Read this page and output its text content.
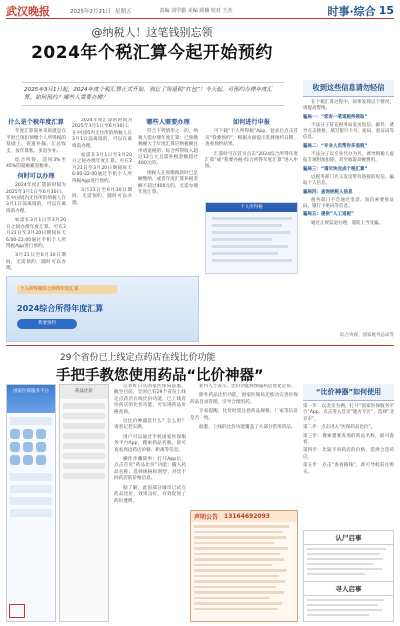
武汉晚报	2025年2月21日 星期五	责编 刘学勤 美编 邱楠 校对 王杰	时事·综合 15
@纳税人！这笔钱别忘领
2024年个税汇算今起开始预约
2025年3月1日起，2024年度个税汇算正式开始，别忘了领退税“红包”！今天起，可预约办理年度汇算。如何预约？哪些人需要办理？
什么是个税年度汇算

年度汇算简单来说就是在平时已预扣预缴个人所得税的基础上，查遗补漏、汇总收支、按年算账、多退少补。

综合所得，适用3%至45%的超额累进税率。

何时可以办理

2024年度汇算的时间为2025年3月1日至6月30日。在中国境内无住所的纳税人在3月1日前离境的，可以在离境前办理。

如需在3月1日至3月20日之间办理年度汇算，可在2月21日至3月20日期间每天6:00-22:00通过手机个人所得税App进行预约。

3月21日至6月30日期间，无需预约，随时可以办理。

2024年度汇算的时间为2025年3月1日至6月30日。在中国境内无住所的纳税人在3月1日前离境的，可以在离境前办理。

如需在3月1日至3月20日之间办理年度汇算，可在2月21日至3月20日期间每天6:00-22:00通过手机个人所得税App进行预约。

3月21日至6月30日期间，无需预约，随时可以办理。

哪些人需要办理

符合下列情形之一的，纳税人需办理年度汇算：已预缴税额大于年度汇算应纳税额且申请退税的；综合所得收入超过12万元且需补税金额超过400元的。

纳税人在预缴税款时已足额缴纳，或者年度汇算补税金额不超过400元的，无需办理年度汇算。

如何进行申报

可下载“个人所得税”App，登录后点击首页“我要预约”，根据页面提示选择预约日期，查看预约结果。

汇算时可在首页点击“2024综合所得年度汇算”或“我要办税-综合所得年度汇算”进入申报。

个人所得税
个人所得税综合所得年度汇算
2024综合所得年度汇算
我要预约
收到这些信息请勿轻信

在个税汇算过程中，如果发现以下情况，请提高警惕。

骗局一：“您有一笔退税待领取”

不法分子冒充税务局发送短信、邮件，诱导点击链接，填写银行卡号、密码、验证码等信息。

骗局二：“专业人员帮你多退税”

不法分子以专业代办为名，诱导纳税人虚报专项附加扣除，甚至收取高额费用。

骗局三：“请尽快完成个税汇算”

以税务部门名义发送带有链接的短信，骗取个人信息。

骗局四：查询纳税人信息

税务部门不会通过电话、短信索要验证码、银行卡密码等信息。

骗局五：提供“人工退税”

通过正规渠道办理，谨防上当受骗。

综合央视、国家税务总局等
29个省份已上线定点药店在线比价功能
手把手教您使用药品“比价神器”
国家医保服务平台	药品比价

记者昨日从国家医保局获悉，截至目前，全国已有29个省份上线定点药店在线比价功能，已上线省份药店的比价功能，可实现药品价格查询。

这比价神器是什么？怎么用？请看记者实测。

用户可以通过手机国家医保服务平台App，搜索药品名称，即可查看周边药店价格、距离等信息。

操作步骤简单：打开App后，点击首页“药品比价”功能；输入药品名称；选择规格和剂型；对比不同药店的价格信息。

据了解，此前部分城市已试点药品比价，效果良好，有效促进了药价透明。

业内人士表示，比价功能将倒逼药店优化定价。

除外药品比价功能，国家医保局还推动完善医保药品目录管理，引导合理用药。

专家提醒，比价时需注意药品规格、厂家等信息是否一致。

据悉，上线的比价功能覆盖了大部分常用药品。

声明公告 13164692093
“比价神器”如何使用

第一步：以北京为例，打开“国家医保服务平台”App，点击进入首页“地方专区”，选择“北京市”。

第二步：点击进入“医保药品比价”。

第三步：搜索想要查询的药品名称，即可查看。

第四步：比较不同药店的价格，选择合适药店。

第五步：点击“查看路线”，即可导航前往购买。

认尸启事
寻人启事
